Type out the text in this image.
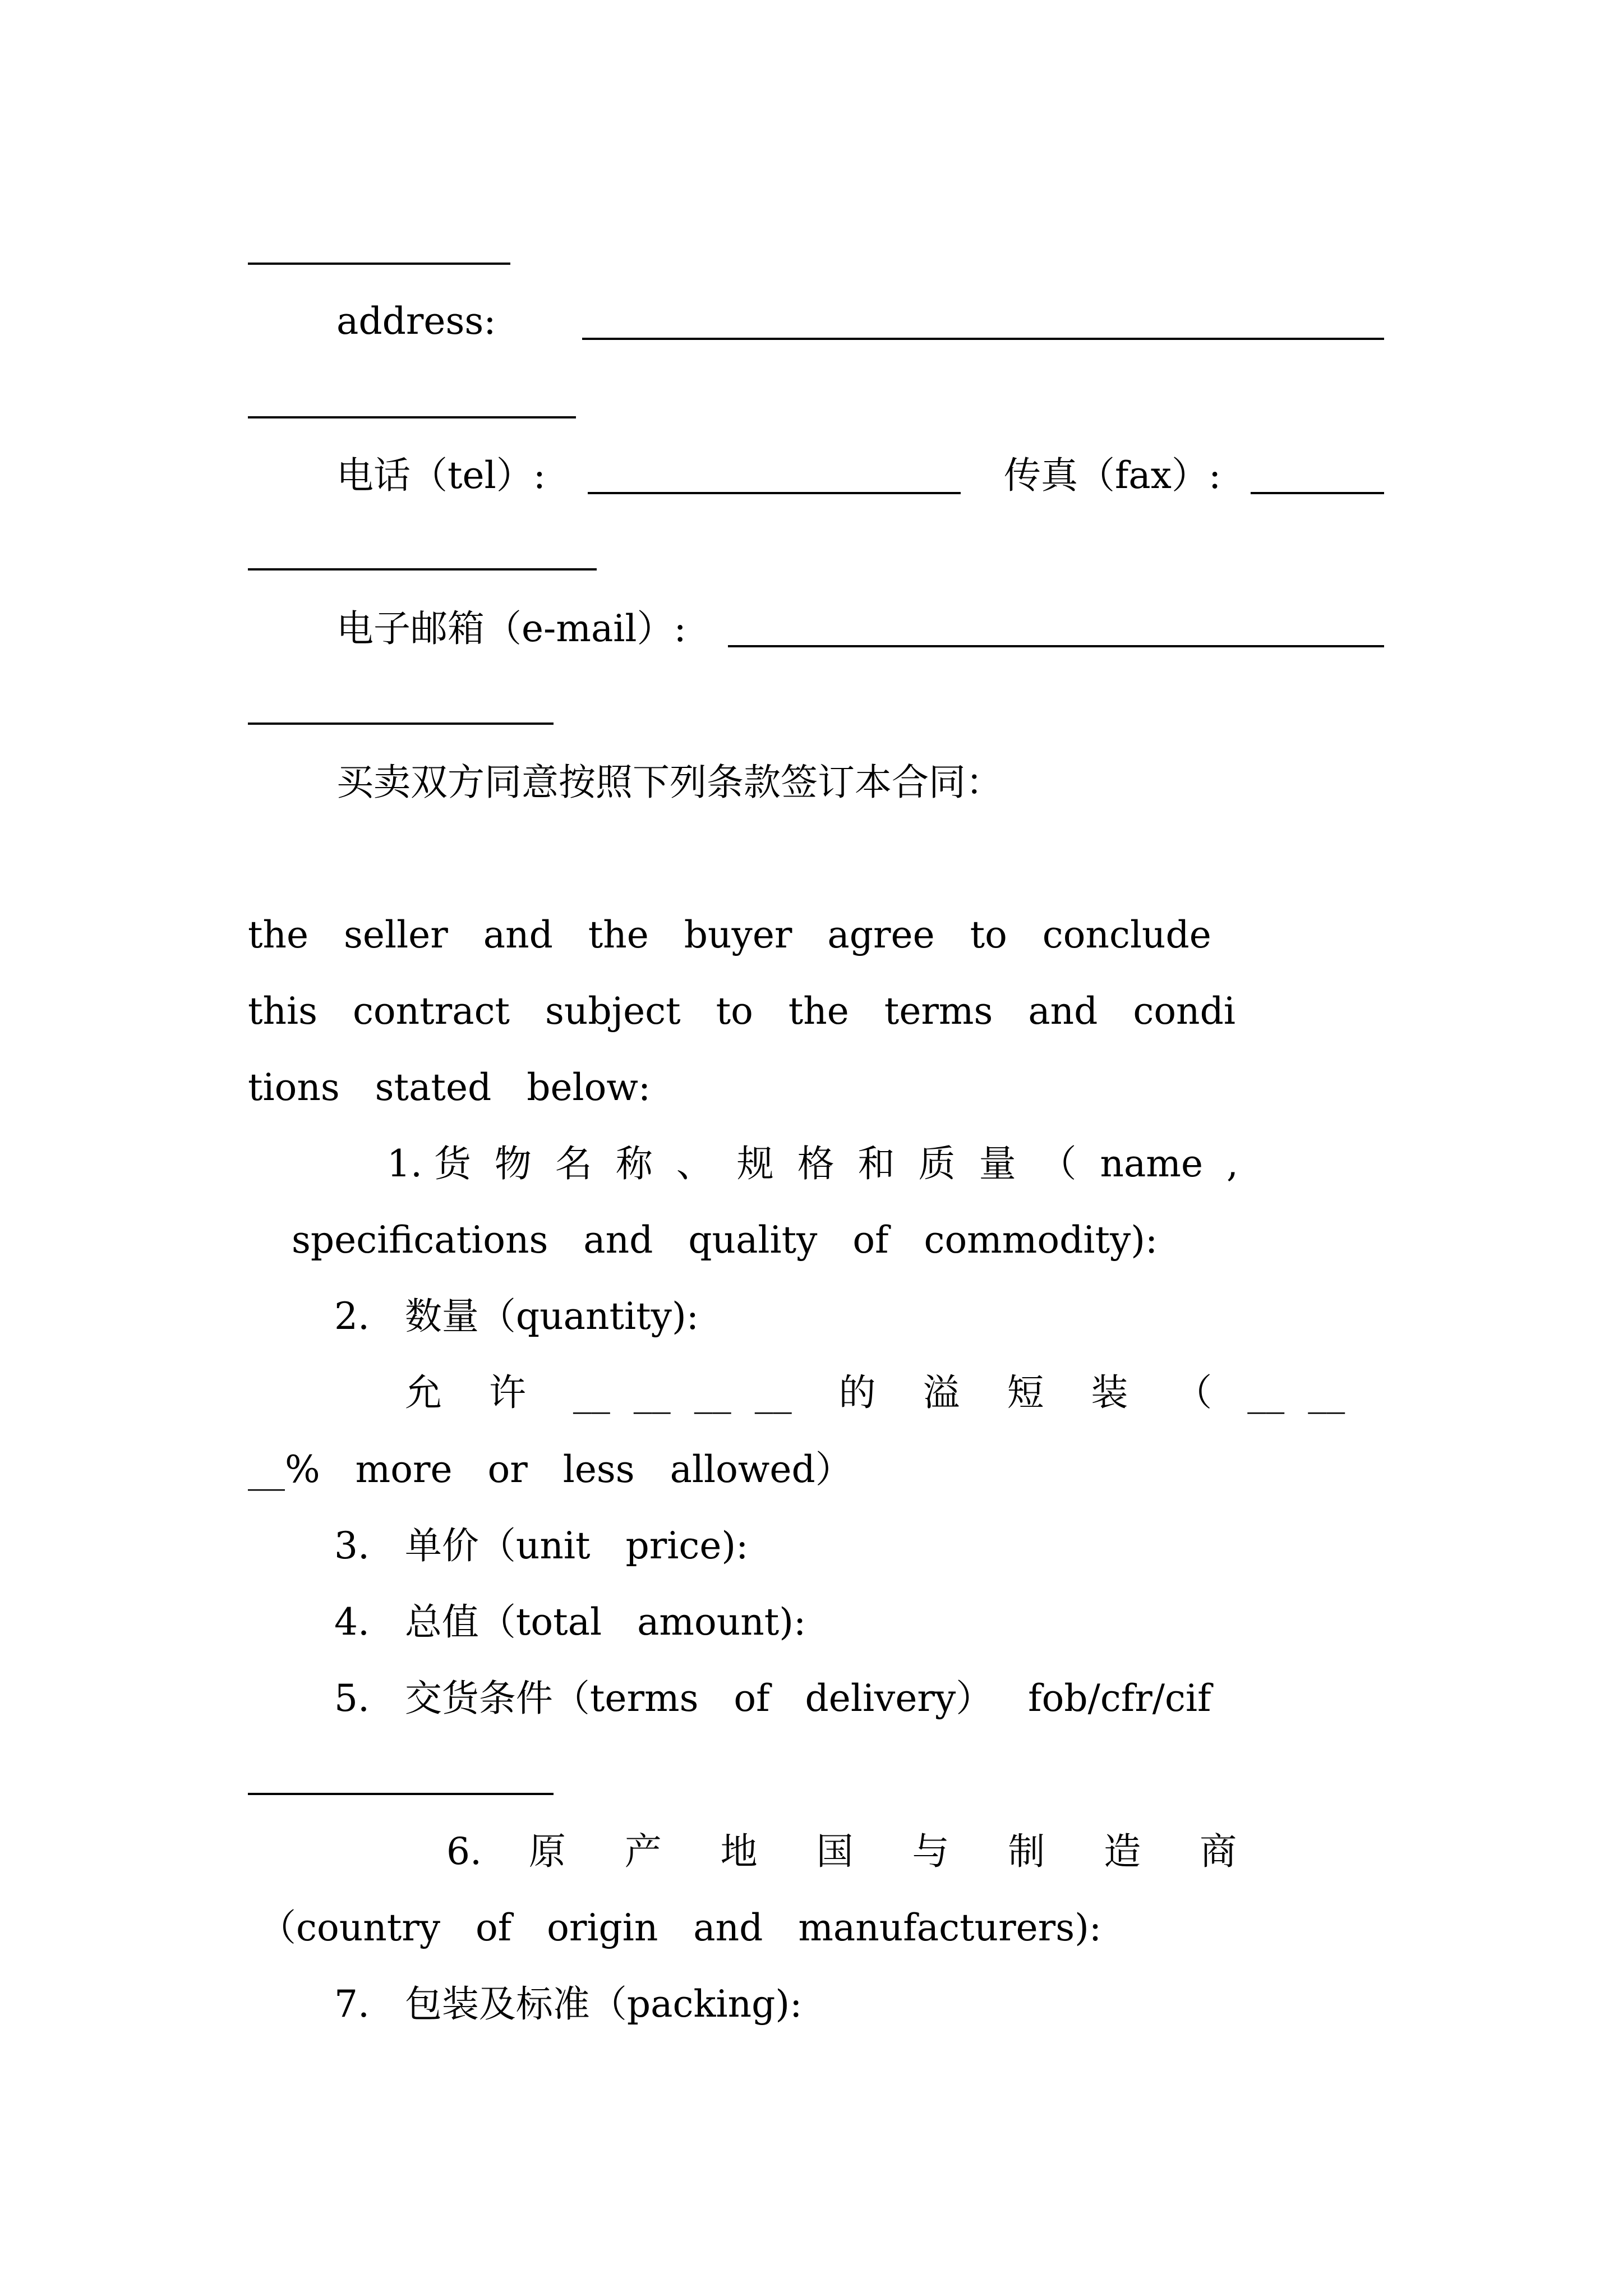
address:
电话（tel）:	传真（fax）:
电子邮箱（e-mail）:
买卖双方同意按照下列条款签订本合同：
the   seller   and   the   buyer   agree   to   conclude
this   contract   subject   to   the   terms   and   condi
tions   stated   below:
1. 货  物  名  称  、  规  格  和  质  量  （  name  ,
specifications   and   quality   of   commodity):
2.   数量（quantity):
允    许    __  __  __  __    的    溢    短    装    （   __  __
__%   more   or   less   allowed）
3.   单价（unit   price):
4.   总值（total   amount):
5.   交货条件（terms   of   delivery）   fob/cfr/cif
6.    原     产     地     国     与     制     造     商
（country   of   origin   and   manufacturers):
7.   包装及标准（packing):
